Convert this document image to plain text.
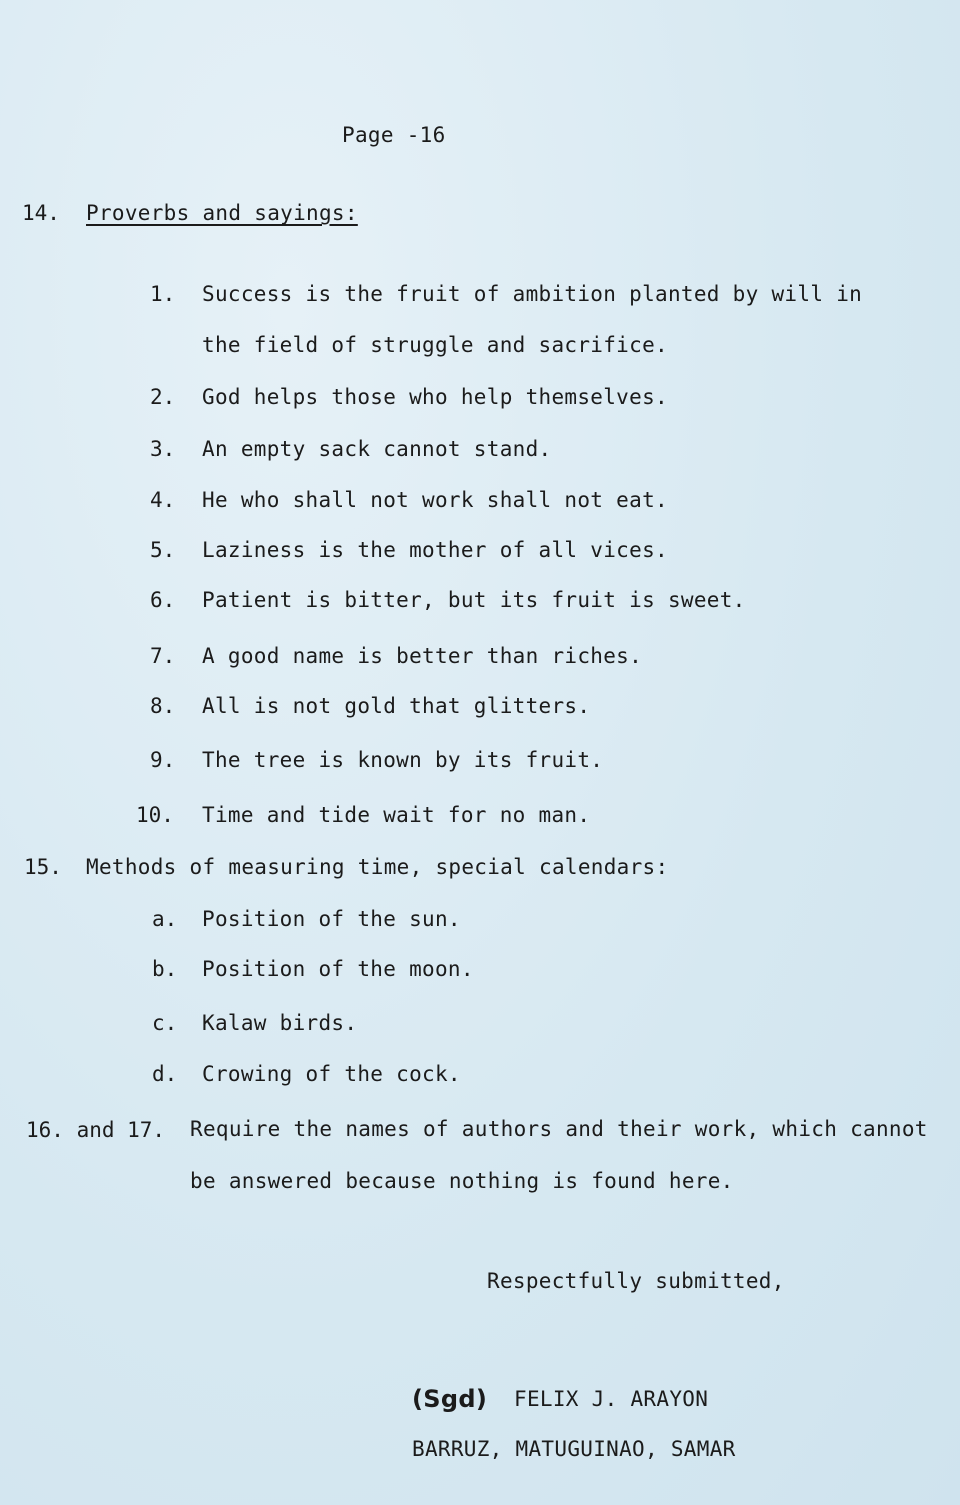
Page -16
14. Proverbs and sayings:
1. Success is the fruit of ambition planted by will in
the field of struggle and sacrifice.
2. God helps those who help themselves.
3. An empty sack cannot stand.
4. He who shall not work shall not eat.
5. Laziness is the mother of all vices.
6. Patient is bitter, but its fruit is sweet.
7. A good name is better than riches.
8. All is not gold that glitters.
9. The tree is known by its fruit.
10. Time and tide wait for no man.
15. Methods of measuring time, special calendars:
a. Position of the sun.
b. Position of the moon.
c. Kalaw birds.
d. Crowing of the cock.
16. and 17. Require the names of authors and their work, which cannot
be answered because nothing is found here.
Respectfully submitted,
(Sgd) FELIX J. ARAYON
BARRUZ, MATUGUINAO, SAMAR
